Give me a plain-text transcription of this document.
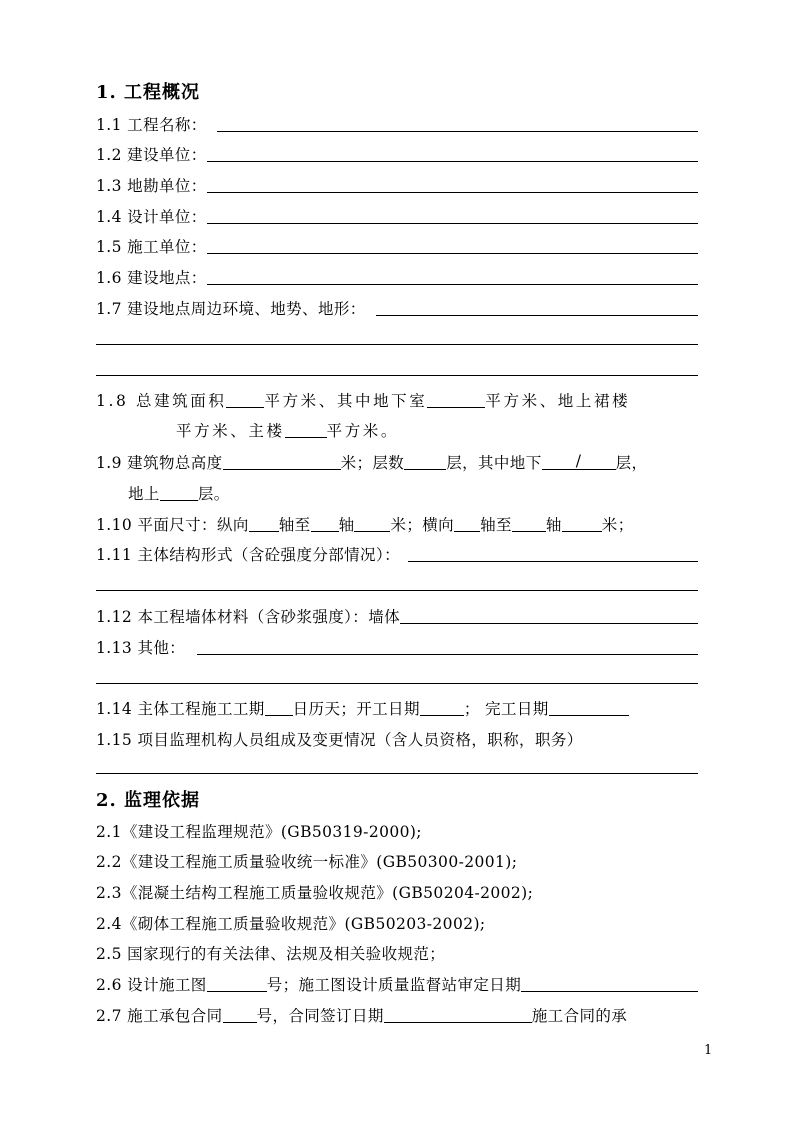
1. 工程概况
1.1 工程名称：
1.2 建设单位：
1.3 地勘单位：
1.4 设计单位：
1.5 施工单位：
1.6 建设地点：
1.7 建设地点周边环境、地势、地形：
1.8 总建筑面积 平方米、其中地下室	平方米、地上裙楼
平方米、主楼	平方米。
1.9 建筑物总高度	米；层数	层，其中地下	/	层，
地上 层。
1.10 平面尺寸：纵向 轴至 轴 米；横向 轴至 轴	米；
1.11 主体结构形式（含砼强度分部情况）：
1.12 本工程墙体材料（含砂浆强度）：墙体
1.13 其他：
1.14 主体工程施工工期 日历天；开工日期	； 完工日期
1.15 项目监理机构人员组成及变更情况（含人员资格，职称，职务）
2. 监理依据
2.1《建设工程监理规范》(GB50319-2000);
2.2《建设工程施工质量验收统一标准》(GB50300-2001);
2.3《混凝土结构工程施工质量验收规范》(GB50204-2002);
2.4《砌体工程施工质量验收规范》(GB50203-2002);
2.5 国家现行的有关法律、法规及相关验收规范；
2.6 设计施工图	号；施工图设计质量监督站审定日期
2.7 施工承包合同 号，合同签订日期	施工合同的承
1
